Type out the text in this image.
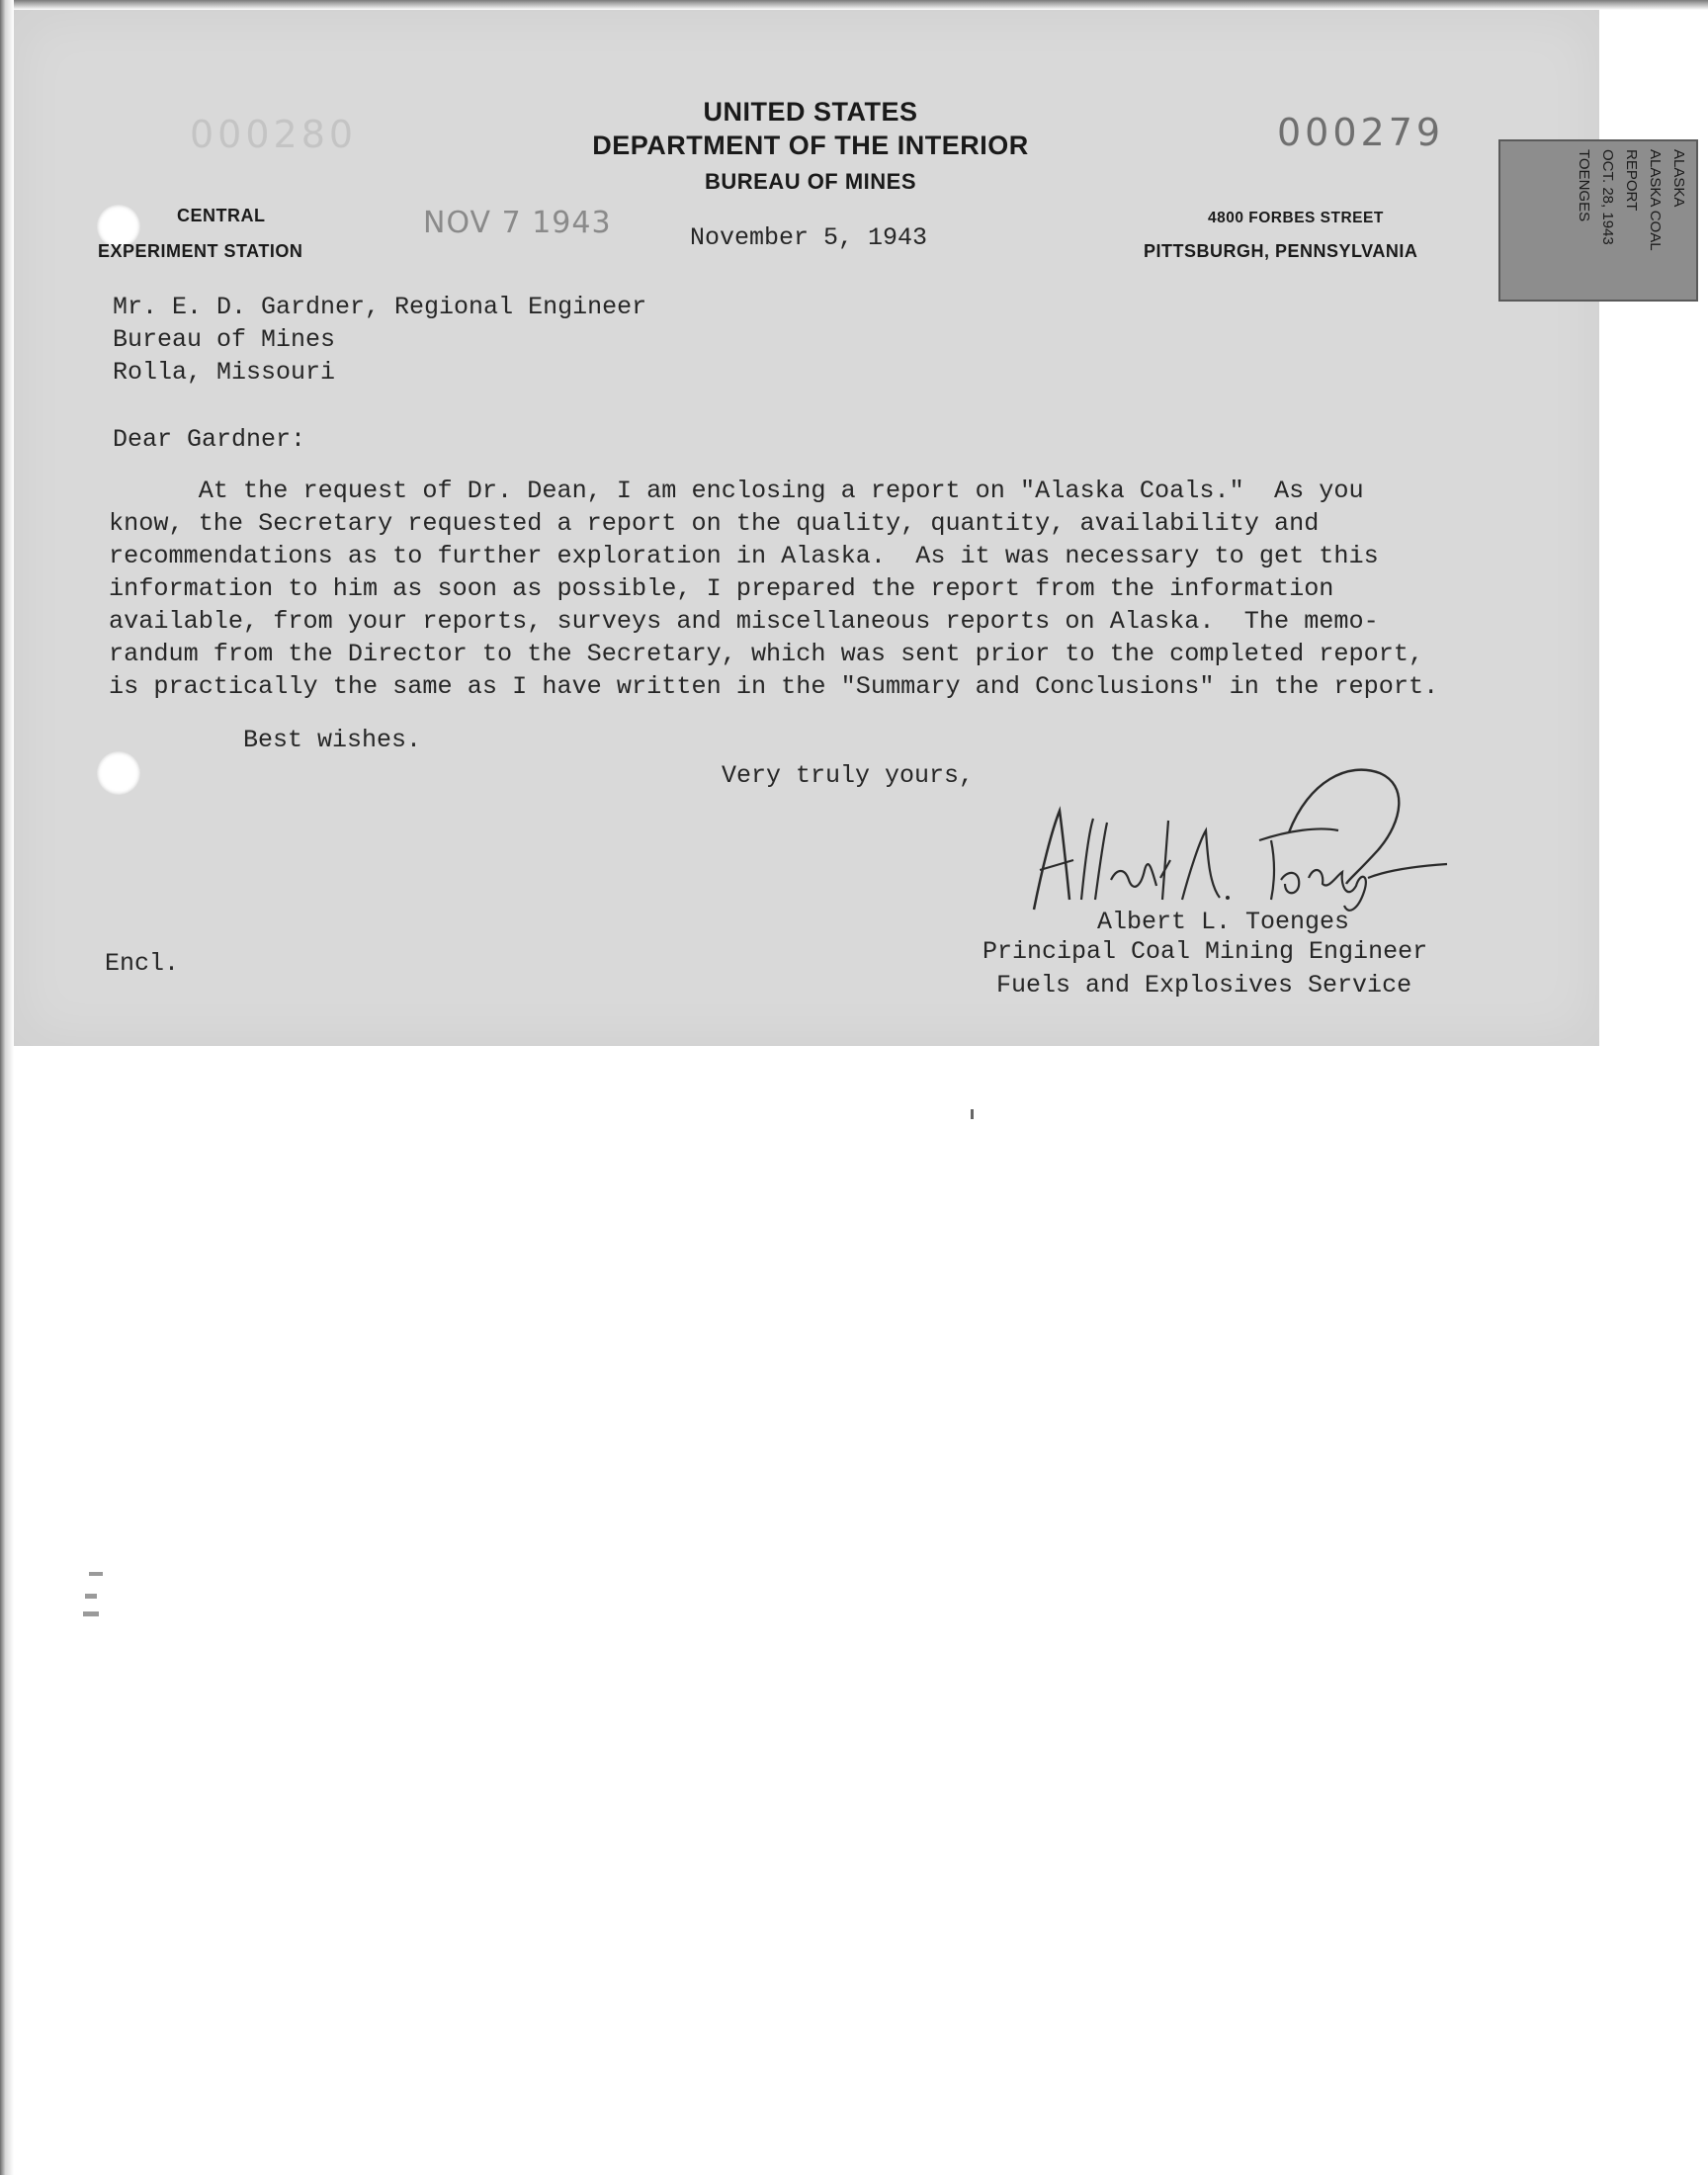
000280
UNITED STATES
DEPARTMENT OF THE INTERIOR
BUREAU OF MINES
CENTRAL
EXPERIMENT STATION
4800 FORBES STREET
PITTSBURGH, PENNSYLVANIA
000279
NOV 7 1943	November 5, 1943
Mr. E. D. Gardner, Regional Engineer
Bureau of Mines
Rolla, Missouri
Dear Gardner:
At the request of Dr. Dean, I am enclosing a report on "Alaska Coals."  As you
know, the Secretary requested a report on the quality, quantity, availability and
recommendations as to further exploration in Alaska.  As it was necessary to get this
information to him as soon as possible, I prepared the report from the information
available, from your reports, surveys and miscellaneous reports on Alaska.  The memo-
randum from the Director to the Secretary, which was sent prior to the completed report,
is practically the same as I have written in the "Summary and Conclusions" in the report.
Best wishes.
Very truly yours,
Albert L. Toenges
Principal Coal Mining Engineer
Fuels and Explosives Service
Encl.
ALASKA
ALASKA COAL
REPORT
OCT. 28, 1943
TOENGES
